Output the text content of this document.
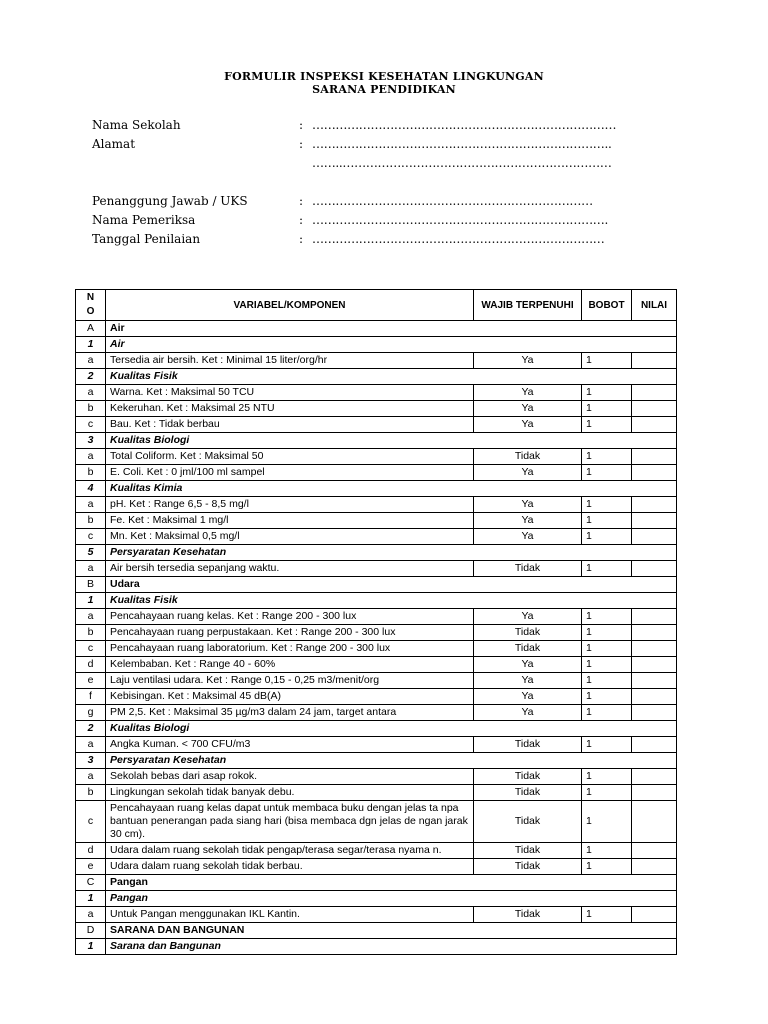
FORMULIR INSPEKSI KESEHATAN LINGKUNGAN
SARANA PENDIDIKAN
Nama Sekolah	: ……………………………………………………………………
Alamat	: …………………………………………………………………..
……..……………………………………………………………
Penanggung Jawab / UKS	: ………………………………………………………………
Nama Pemeriksa	: ………………………………………………………………….
Tanggal Penilaian	: …………………………………………………………………
N
O	VARIABEL/KOMPONEN	WAJIB TERPENUHI	BOBOT	NILAI
A	Air			
1	Air			
a	Tersedia air bersih. Ket : Minimal 15 liter/org/hr	Ya	1	
2	Kualitas Fisik			
a	Warna. Ket : Maksimal 50 TCU	Ya	1	
b	Kekeruhan. Ket : Maksimal 25 NTU	Ya	1	
c	Bau. Ket : Tidak berbau	Ya	1	
3	Kualitas Biologi			
a	Total Coliform. Ket : Maksimal 50	Tidak	1	
b	E. Coli. Ket : 0 jml/100 ml sampel	Ya	1	
4	Kualitas Kimia			
a	pH. Ket : Range 6,5 - 8,5 mg/l	Ya	1	
b	Fe. Ket : Maksimal 1 mg/l	Ya	1	
c	Mn. Ket : Maksimal 0,5 mg/l	Ya	1	
5	Persyaratan Kesehatan			
a	Air bersih tersedia sepanjang waktu.	Tidak	1	
B	Udara			
1	Kualitas Fisik			
a	Pencahayaan ruang kelas. Ket : Range 200 - 300 lux	Ya	1	
b	Pencahayaan ruang perpustakaan. Ket : Range 200 - 300 lux	Tidak	1	
c	Pencahayaan ruang laboratorium. Ket : Range 200 - 300 lux	Tidak	1	
d	Kelembaban. Ket : Range 40 - 60%	Ya	1	
e	Laju ventilasi udara. Ket : Range 0,15 - 0,25 m3/menit/org	Ya	1	
f	Kebisingan. Ket : Maksimal 45 dB(A)	Ya	1	
g	PM 2,5. Ket : Maksimal 35 µg/m3 dalam 24 jam, target antara	Ya	1	
2	Kualitas Biologi			
a	Angka Kuman. < 700 CFU/m3	Tidak	1	
3	Persyaratan Kesehatan			
a	Sekolah bebas dari asap rokok.	Tidak	1	
b	Lingkungan sekolah tidak banyak debu.	Tidak	1	
c	Pencahayaan ruang kelas dapat untuk membaca buku dengan jelas ta npa bantuan penerangan pada siang hari (bisa membaca dgn jelas de ngan jarak 30 cm).	Tidak	1	
d	Udara dalam ruang sekolah tidak pengap/terasa segar/terasa nyama n.	Tidak	1	
e	Udara dalam ruang sekolah tidak berbau.	Tidak	1	
C	Pangan			
1	Pangan			
a	Untuk Pangan menggunakan IKL Kantin.	Tidak	1	
D	SARANA DAN BANGUNAN			
1	Sarana dan Bangunan			
